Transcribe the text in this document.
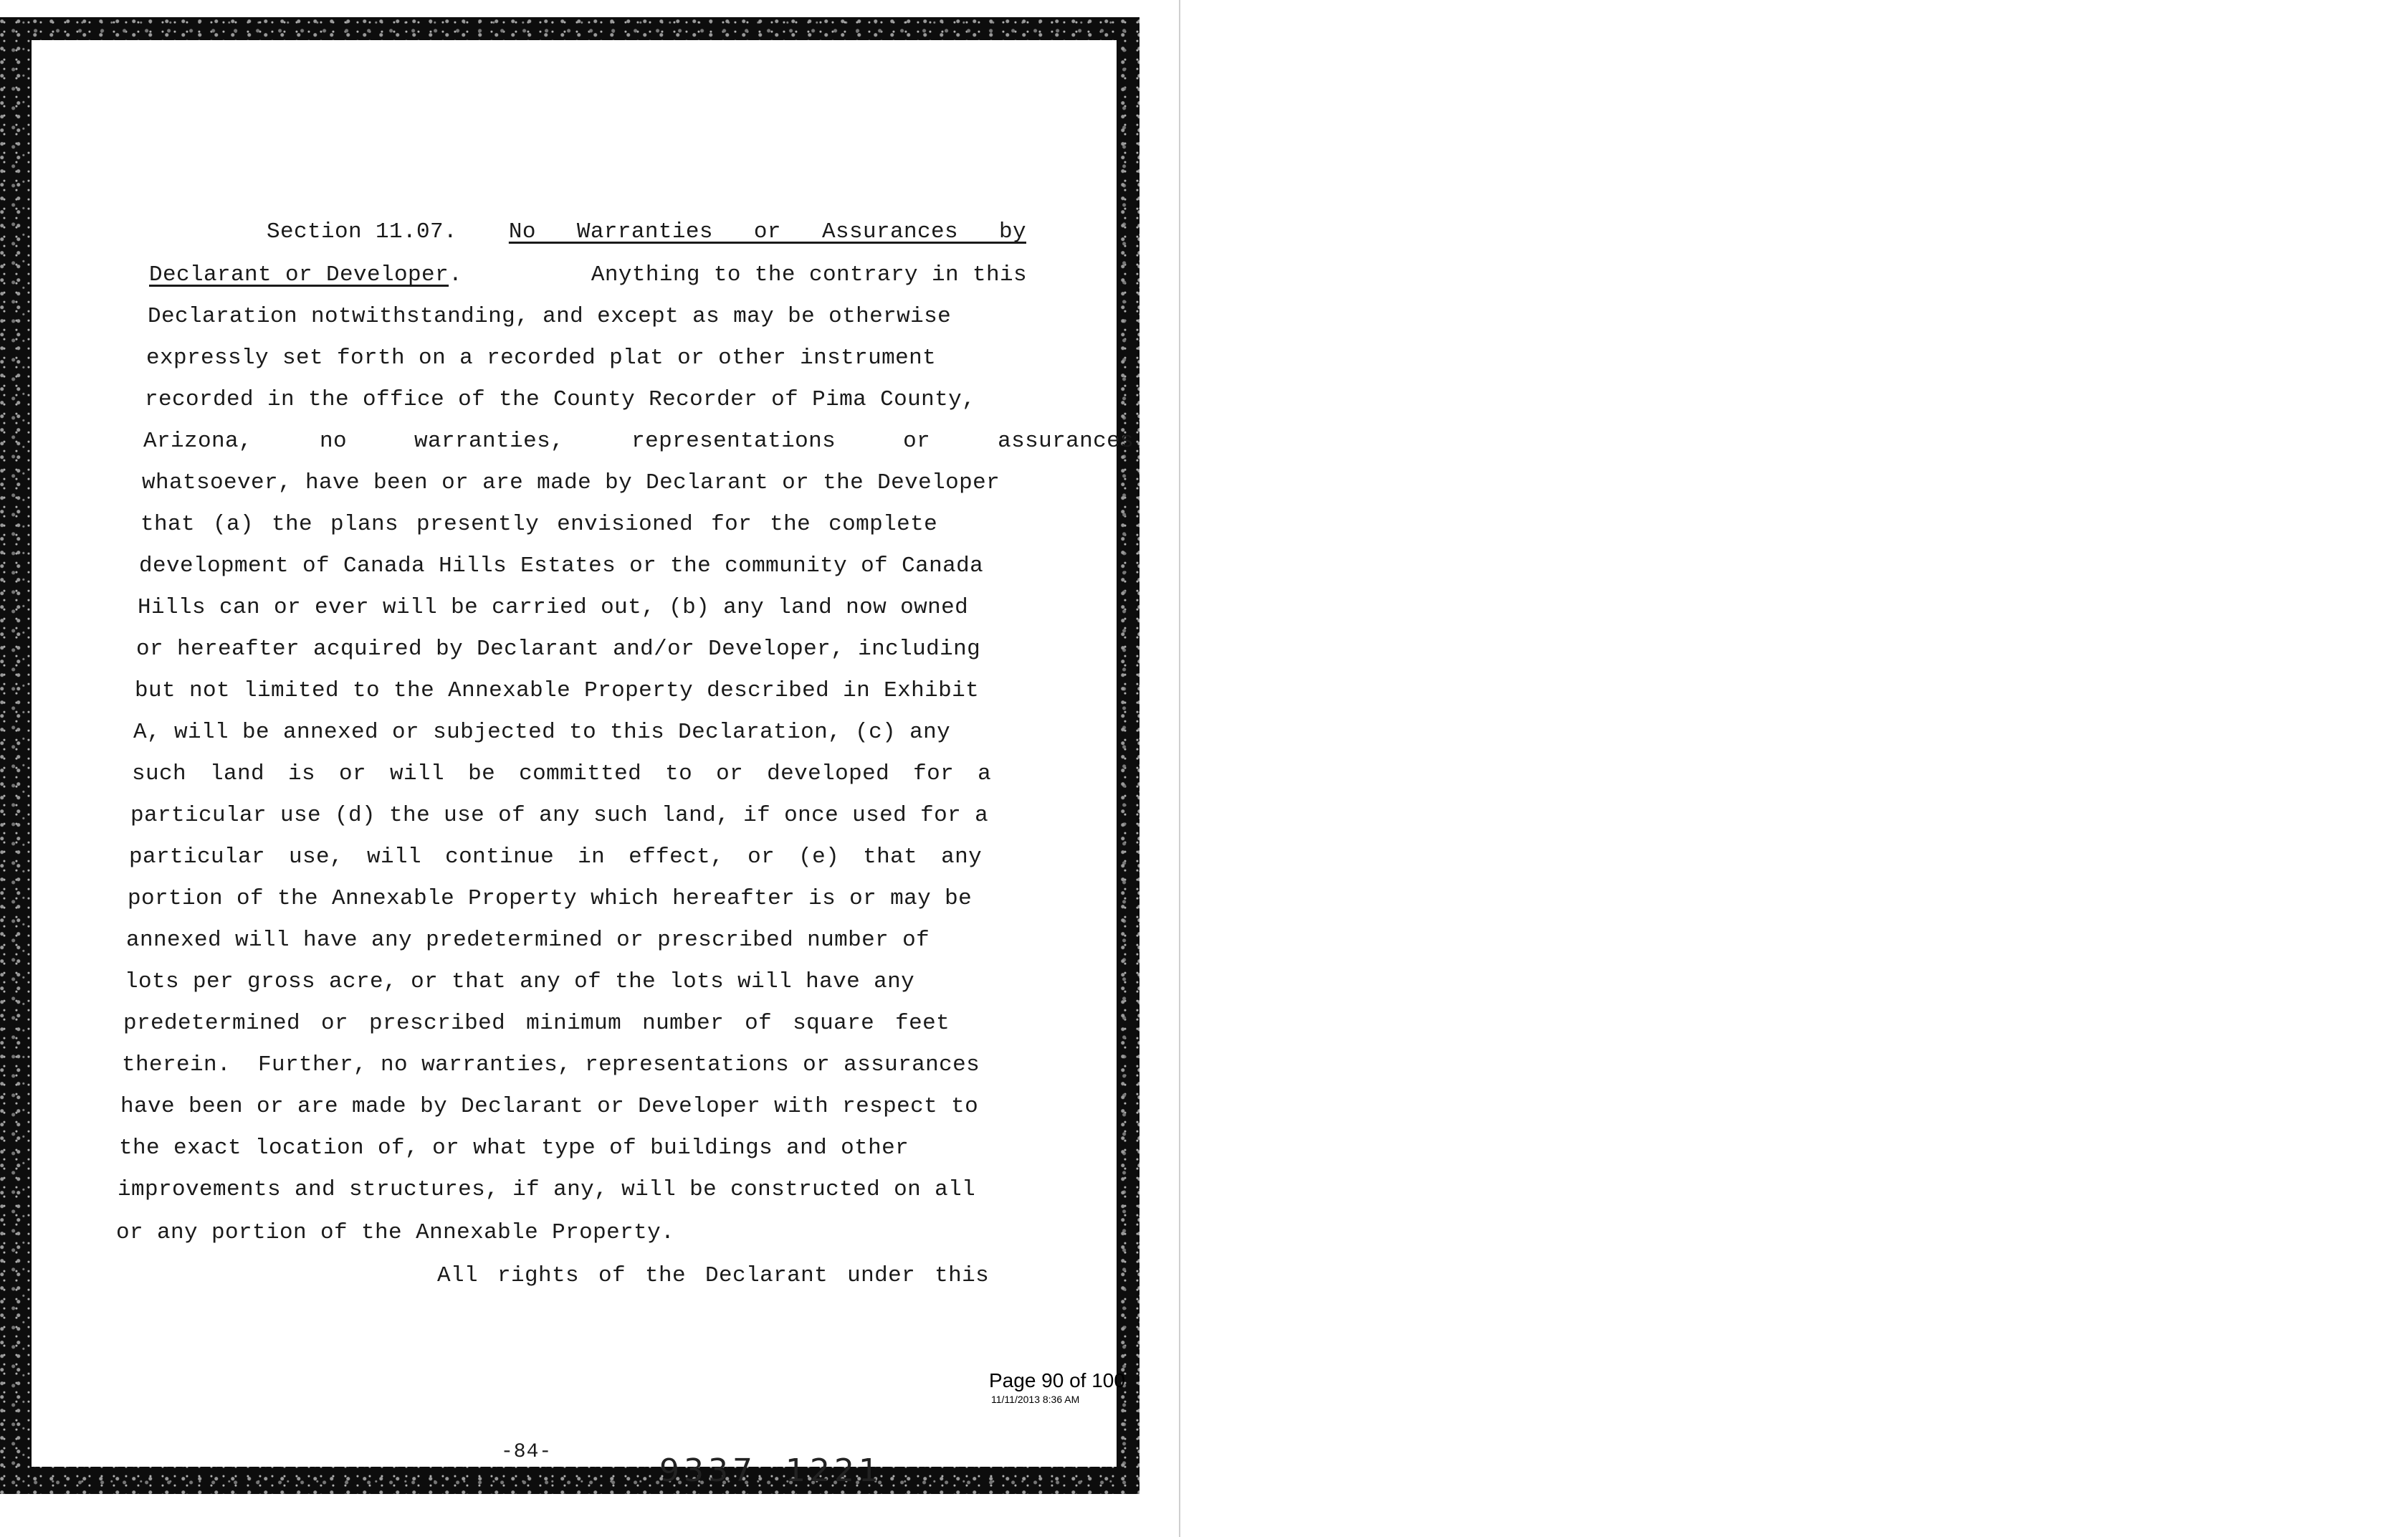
Section 11.07. No   Warranties   or   Assurances   by
Declarant or Developer.	Anything to the contrary in this
Declaration notwithstanding, and except as may be otherwise
expressly set forth on a recorded plat or other instrument
recorded in the office of the County Recorder of Pima County,
Arizona,  no  warranties,  representations  or  assurances
whatsoever, have been or are made by Declarant or the Developer
that (a) the plans presently envisioned for the complete
development of Canada Hills Estates or the community of Canada
Hills can or ever will be carried out, (b) any land now owned
or hereafter acquired by Declarant and/or Developer, including
but not limited to the Annexable Property described in Exhibit
A, will be annexed or subjected to this Declaration, (c) any
such land is or will be committed to or developed for a
particular use (d) the use of any such land, if once used for a
particular use, will continue in effect, or (e) that any
portion of the Annexable Property which hereafter is or may be
annexed will have any predetermined or prescribed number of
lots per gross acre, or that any of the lots will have any
predetermined or prescribed minimum number of square feet
therein.  Further, no warranties, representations or assurances
have been or are made by Declarant or Developer with respect to
the exact location of, or what type of buildings and other
improvements and structures, if any, will be constructed on all
or any portion of the Annexable Property.
All rights of the Declarant under this
-84-
9337 1221
Page 90 of 100
11/11/2013 8:36 AM
